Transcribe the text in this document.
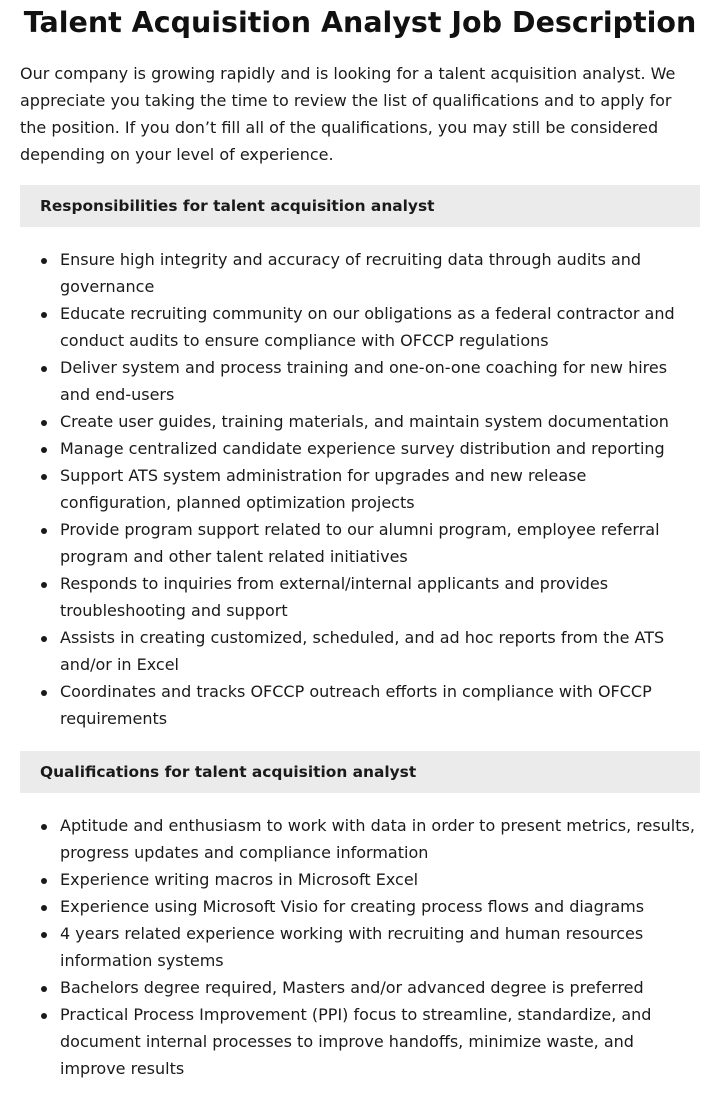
Talent Acquisition Analyst Job Description

Our company is growing rapidly and is looking for a talent acquisition analyst. We appreciate you taking the time to review the list of qualifications and to apply for the position. If you don’t fill all of the qualifications, you may still be considered depending on your level of experience.

Responsibilities for talent acquisition analyst
Ensure high integrity and accuracy of recruiting data through audits and governance
Educate recruiting community on our obligations as a federal contractor and conduct audits to ensure compliance with OFCCP regulations
Deliver system and process training and one-on-one coaching for new hires and end-users
Create user guides, training materials, and maintain system documentation
Manage centralized candidate experience survey distribution and reporting
Support ATS system administration for upgrades and new release configuration, planned optimization projects
Provide program support related to our alumni program, employee referral program and other talent related initiatives
Responds to inquiries from external/internal applicants and provides troubleshooting and support
Assists in creating customized, scheduled, and ad hoc reports from the ATS and/or in Excel
Coordinates and tracks OFCCP outreach efforts in compliance with OFCCP requirements
Qualifications for talent acquisition analyst
Aptitude and enthusiasm to work with data in order to present metrics, results, progress updates and compliance information
Experience writing macros in Microsoft Excel
Experience using Microsoft Visio for creating process flows and diagrams
4 years related experience working with recruiting and human resources information systems
Bachelors degree required, Masters and/or advanced degree is preferred
Practical Process Improvement (PPI) focus to streamline, standardize, and document internal processes to improve handoffs, minimize waste, and improve results
